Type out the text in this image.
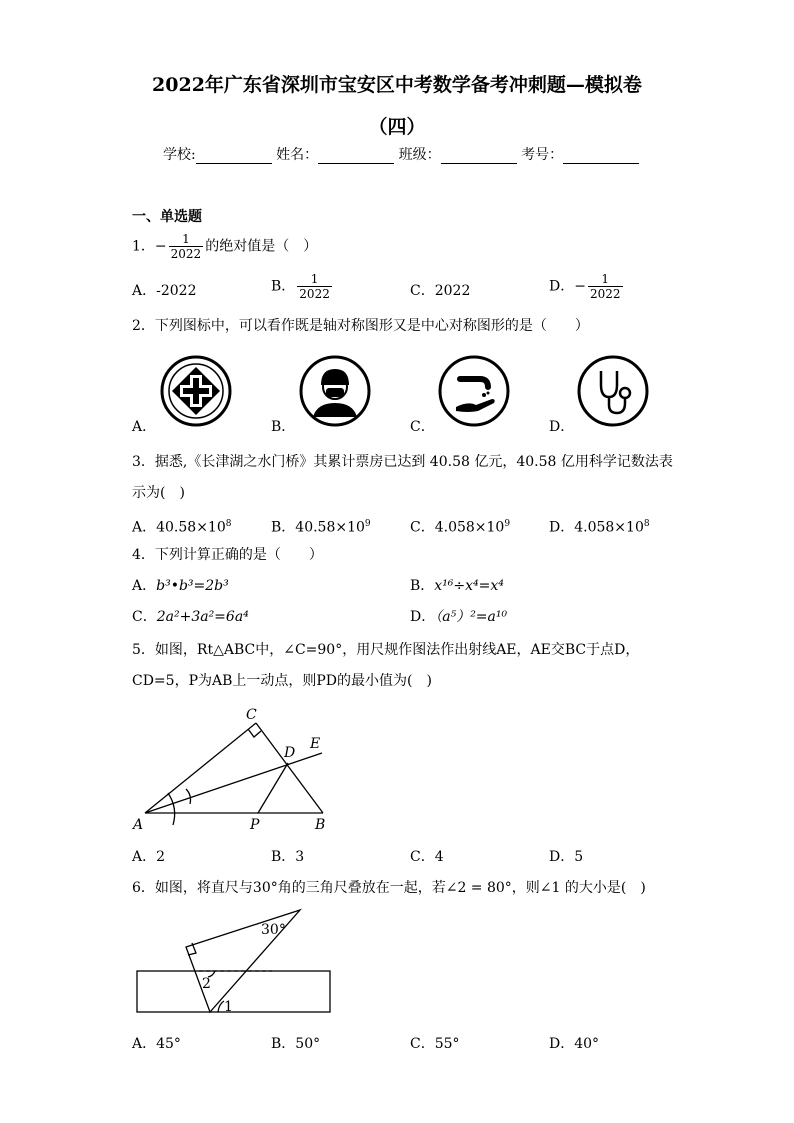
2022年广东省深圳市宝安区中考数学备考冲刺题—模拟卷
（四）
学校:	姓名：	班级：	考号：
一、单选题
1．− $\frac{1}{2022}$ 的绝对值是（　）
A．-2022	B． $\frac{1}{2022}$	C．2022	D．− $\frac{1}{2022}$
2．下列图标中，可以看作既是轴对称图形又是中心对称图形的是（　　）
A．	B．	C．	D．
3．据悉,《长津湖之水门桥》其累计票房已达到 40.58 亿元，40.58 亿用科学记数法表
示为(　)
A．$40.58\times 10^8$	B．$40.58\times 10^9$	C．$4.058\times 10^9$	D．$4.058\times 10^8$
4．下列计算正确的是（　　）
A．b³•b³=2b³	B．x¹⁶÷x⁴=x⁴
C．2a²+3a²=6a⁴	D．（a⁵）²=a¹⁰
5．如图，Rt△ABC中，∠C=90°，用尺规作图法作出射线AE，AE交BC于点D，
CD=5，P为AB上一动点，则PD的最小值为(　)
C
D
E
A	P	B
A．2	B．3	C．4	D．5
6．如图，将直尺与30°角的三角尺叠放在一起，若∠2 = 80°，则∠1 的大小是(　)
30°
2
1
A．45°	B．50°	C．55°	D．40°
